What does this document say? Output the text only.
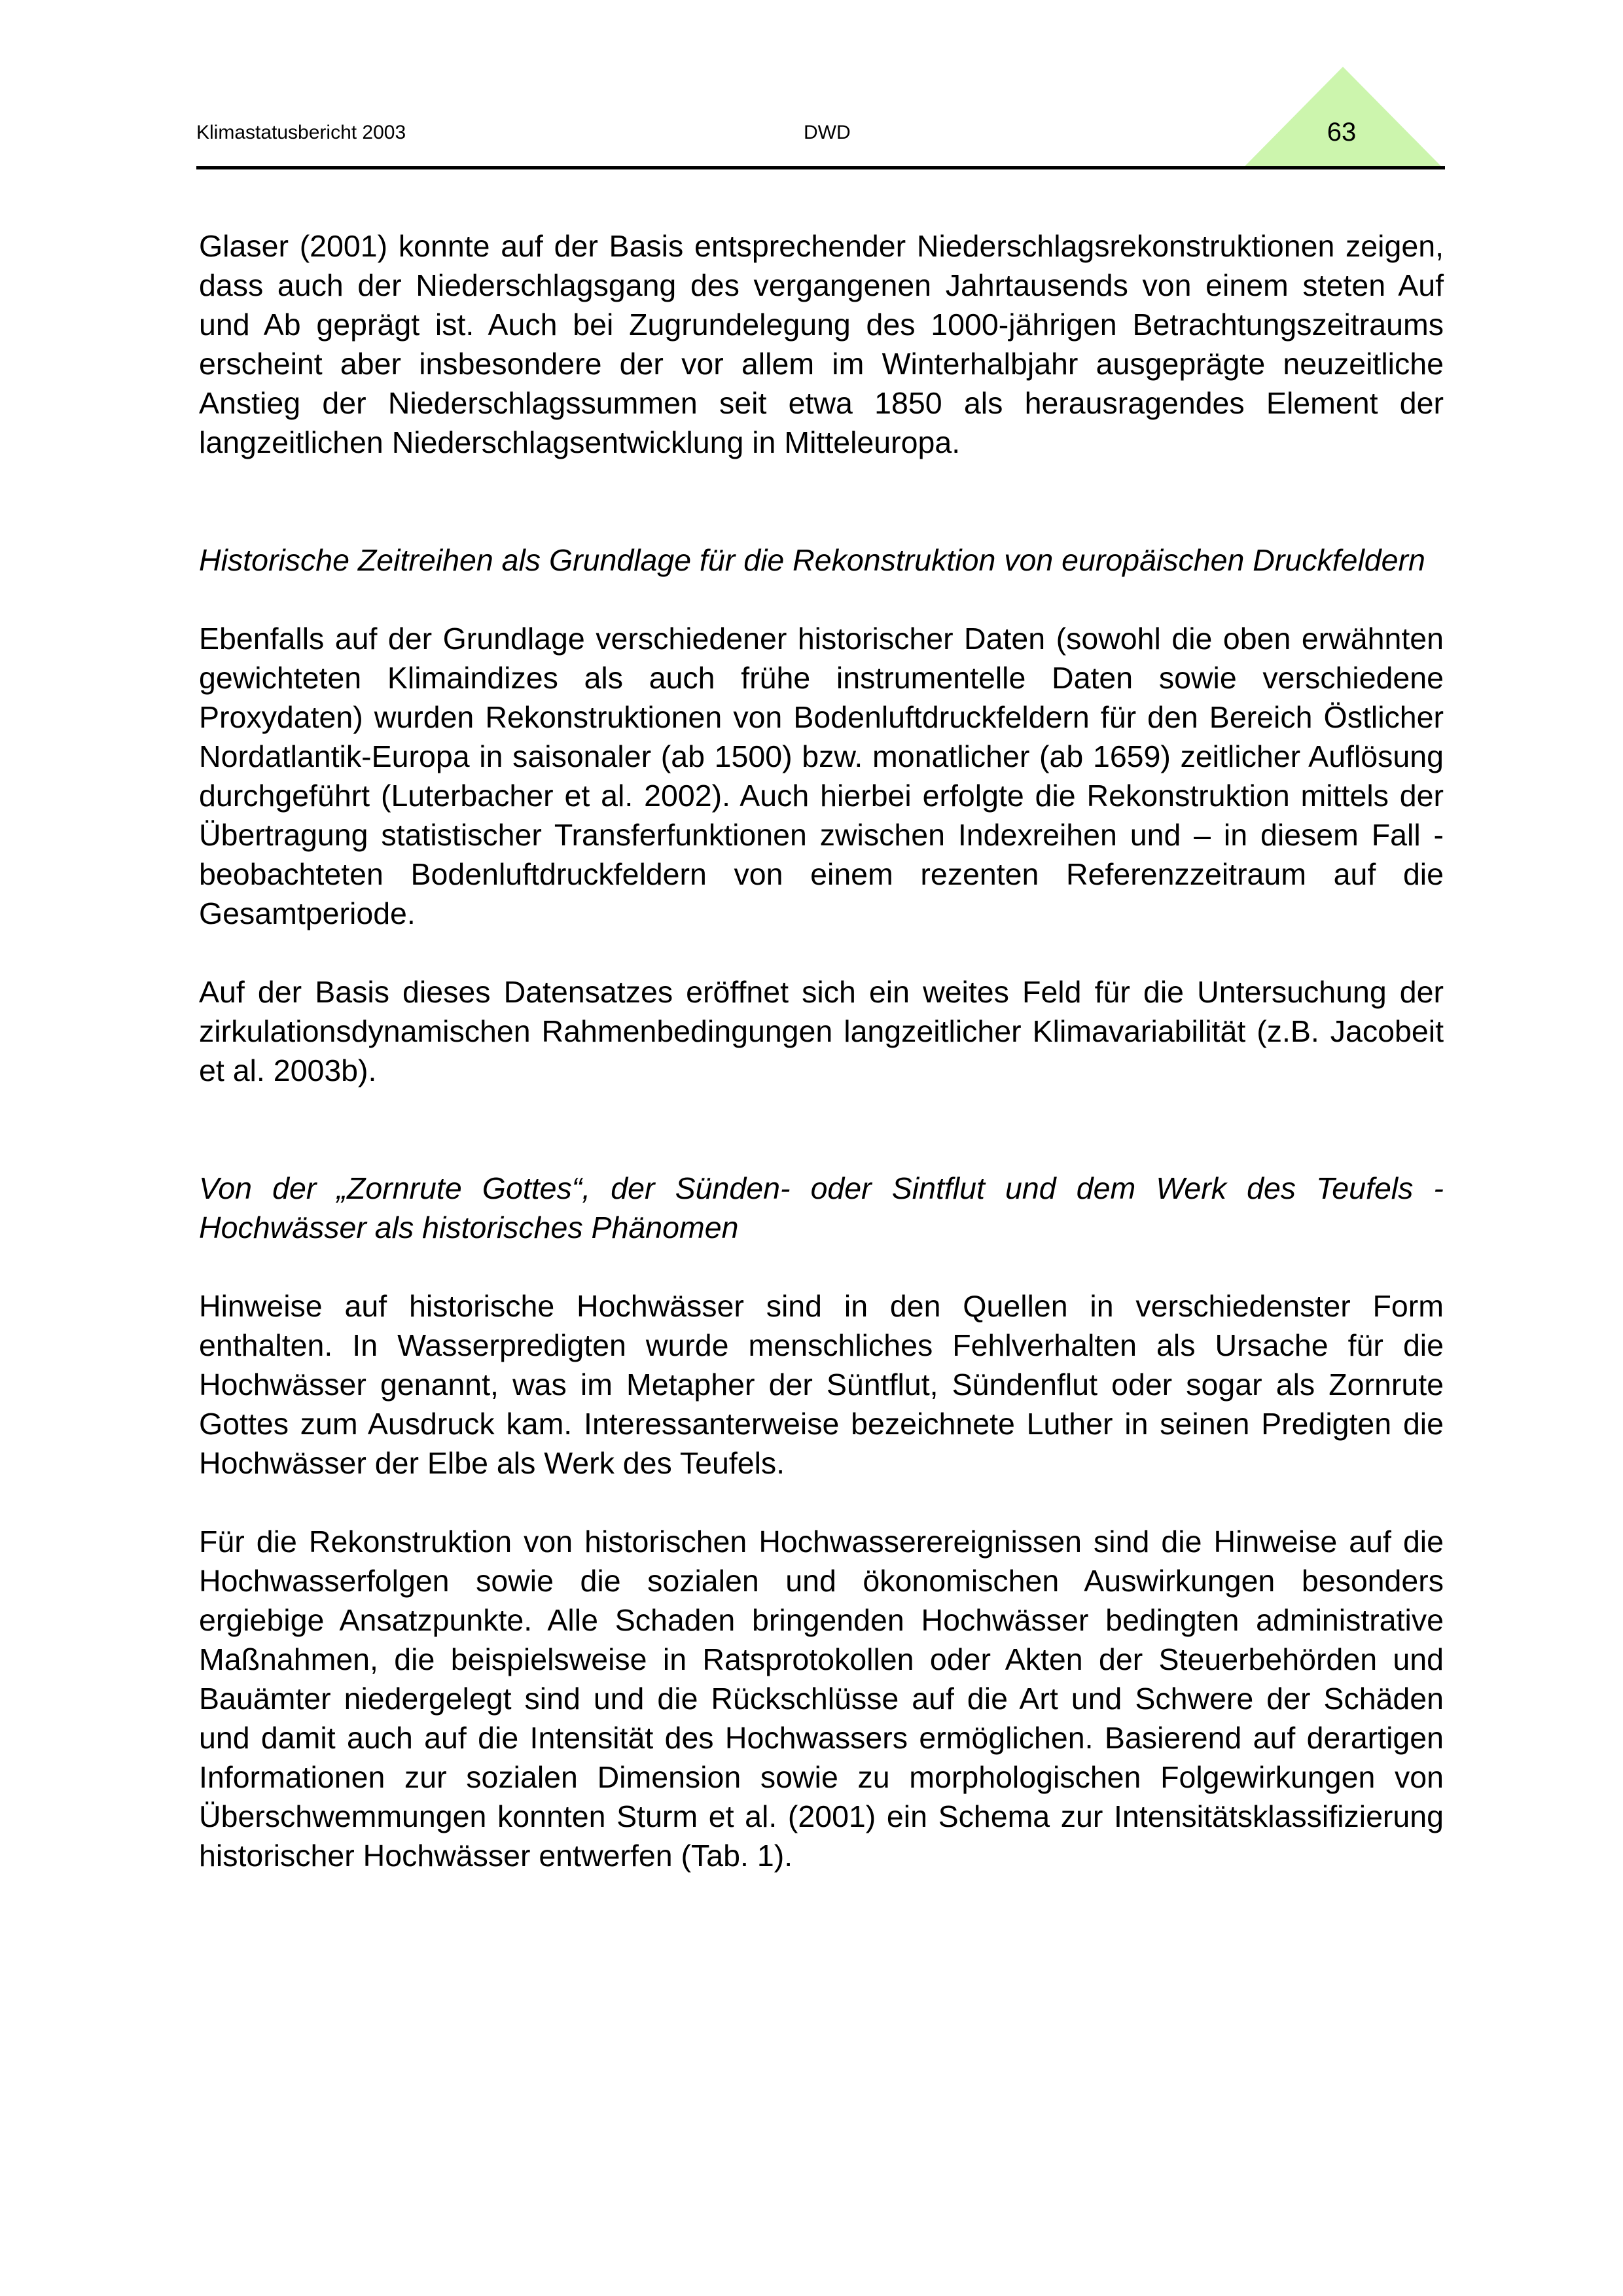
Klimastatusbericht 2003	DWD	63

Glaser (2001) konnte auf der Basis entsprechender Niederschlagsrekonstruktionen zeigen, dass auch der Niederschlagsgang des vergangenen Jahrtausends von einem steten Auf und Ab geprägt ist. Auch bei Zugrundelegung des 1000-jährigen Betrachtungszeitraums erscheint aber insbesondere der vor allem im Winterhalbjahr ausgeprägte neuzeitliche Anstieg der Niederschlagssummen seit etwa 1850 als herausragendes Element der langzeitlichen Niederschlagsentwicklung in Mitteleuropa.

Historische Zeitreihen als Grundlage für die Rekonstruktion von europäischen Druckfeldern

Ebenfalls auf der Grundlage verschiedener historischer Daten (sowohl die oben erwähnten gewichteten Klimaindizes als auch frühe instrumentelle Daten sowie verschiedene Proxydaten) wurden Rekonstruktionen von Bodenluftdruckfeldern für den Bereich Östlicher Nordatlantik-Europa in saisonaler (ab 1500) bzw. monatlicher (ab 1659) zeitlicher Auflösung durchgeführt (Luterbacher et al. 2002). Auch hierbei erfolgte die Rekonstruktion mittels der Übertragung statistischer Transferfunktionen zwischen Indexreihen und – in diesem Fall - beobachteten Bodenluftdruckfeldern von einem rezenten Referenzzeitraum auf die Gesamtperiode.

Auf der Basis dieses Datensatzes eröffnet sich ein weites Feld für die Untersuchung der zirkulationsdynamischen Rahmenbedingungen langzeitlicher Klimavariabilität (z.B. Jacobeit et al. 2003b).

Von der „Zornrute Gottes“, der Sünden- oder Sintflut und dem Werk des Teufels - Hochwässer als historisches Phänomen

Hinweise auf historische Hochwässer sind in den Quellen in verschiedenster Form enthalten. In Wasserpredigten wurde menschliches Fehlverhalten als Ursache für die Hochwässer genannt, was im Metapher der Süntflut, Sündenflut oder sogar als Zornrute Gottes zum Ausdruck kam. Interessanterweise bezeichnete Luther in seinen Predigten die Hochwässer der Elbe als Werk des Teufels.

Für die Rekonstruktion von historischen Hochwasserereignissen sind die Hinweise auf die Hochwasserfolgen sowie die sozialen und ökonomischen Auswirkungen besonders ergiebige Ansatzpunkte. Alle Schaden bringenden Hochwässer bedingten administrative Maßnahmen, die beispielsweise in Ratsprotokollen oder Akten der Steuerbehörden und Bauämter niedergelegt sind und die Rückschlüsse auf die Art und Schwere der Schäden und damit auch auf die Intensität des Hochwassers ermöglichen. Basierend auf derartigen Informationen zur sozialen Dimension sowie zu morphologischen Folgewirkungen von Überschwemmungen konnten Sturm et al. (2001) ein Schema zur Intensitätsklassifizierung historischer Hochwässer entwerfen (Tab. 1).
